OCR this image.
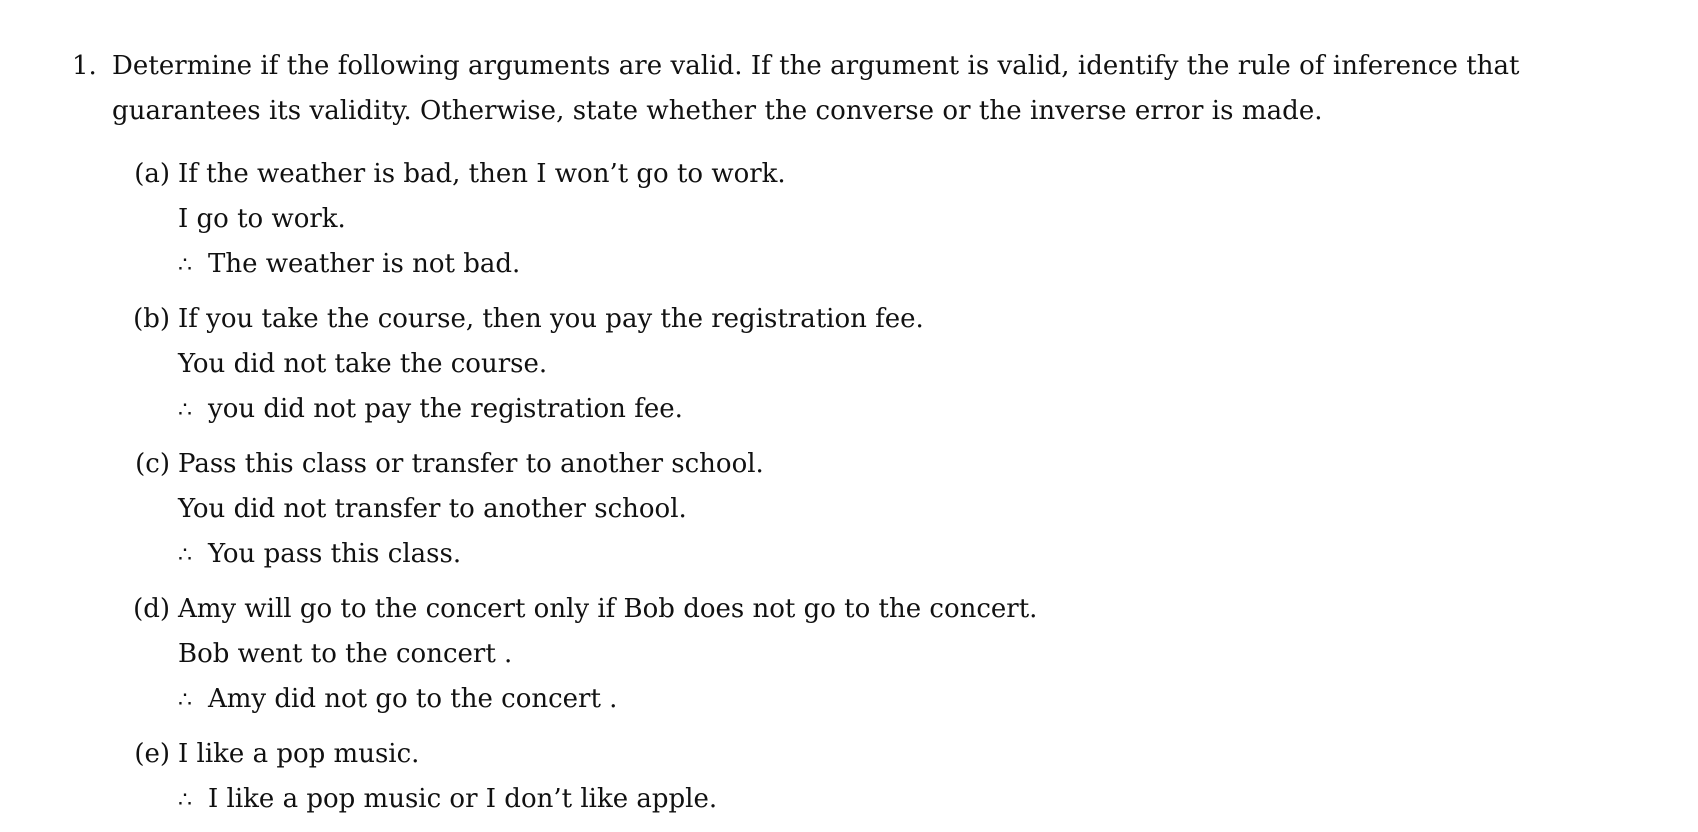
1. Determine if the following arguments are valid. If the argument is valid, identify the rule of inference that guarantees its validity. Otherwise, state whether the converse or the inverse error is made.
(a) If the weather is bad, then I won’t go to work.
I go to work.
∴ The weather is not bad.
(b) If you take the course, then you pay the registration fee.
You did not take the course.
∴ you did not pay the registration fee.
(c) Pass this class or transfer to another school.
You did not transfer to another school.
∴ You pass this class.
(d) Amy will go to the concert only if Bob does not go to the concert.
Bob went to the concert .
∴ Amy did not go to the concert .
(e) I like a pop music.
∴ I like a pop music or I don’t like apple.
